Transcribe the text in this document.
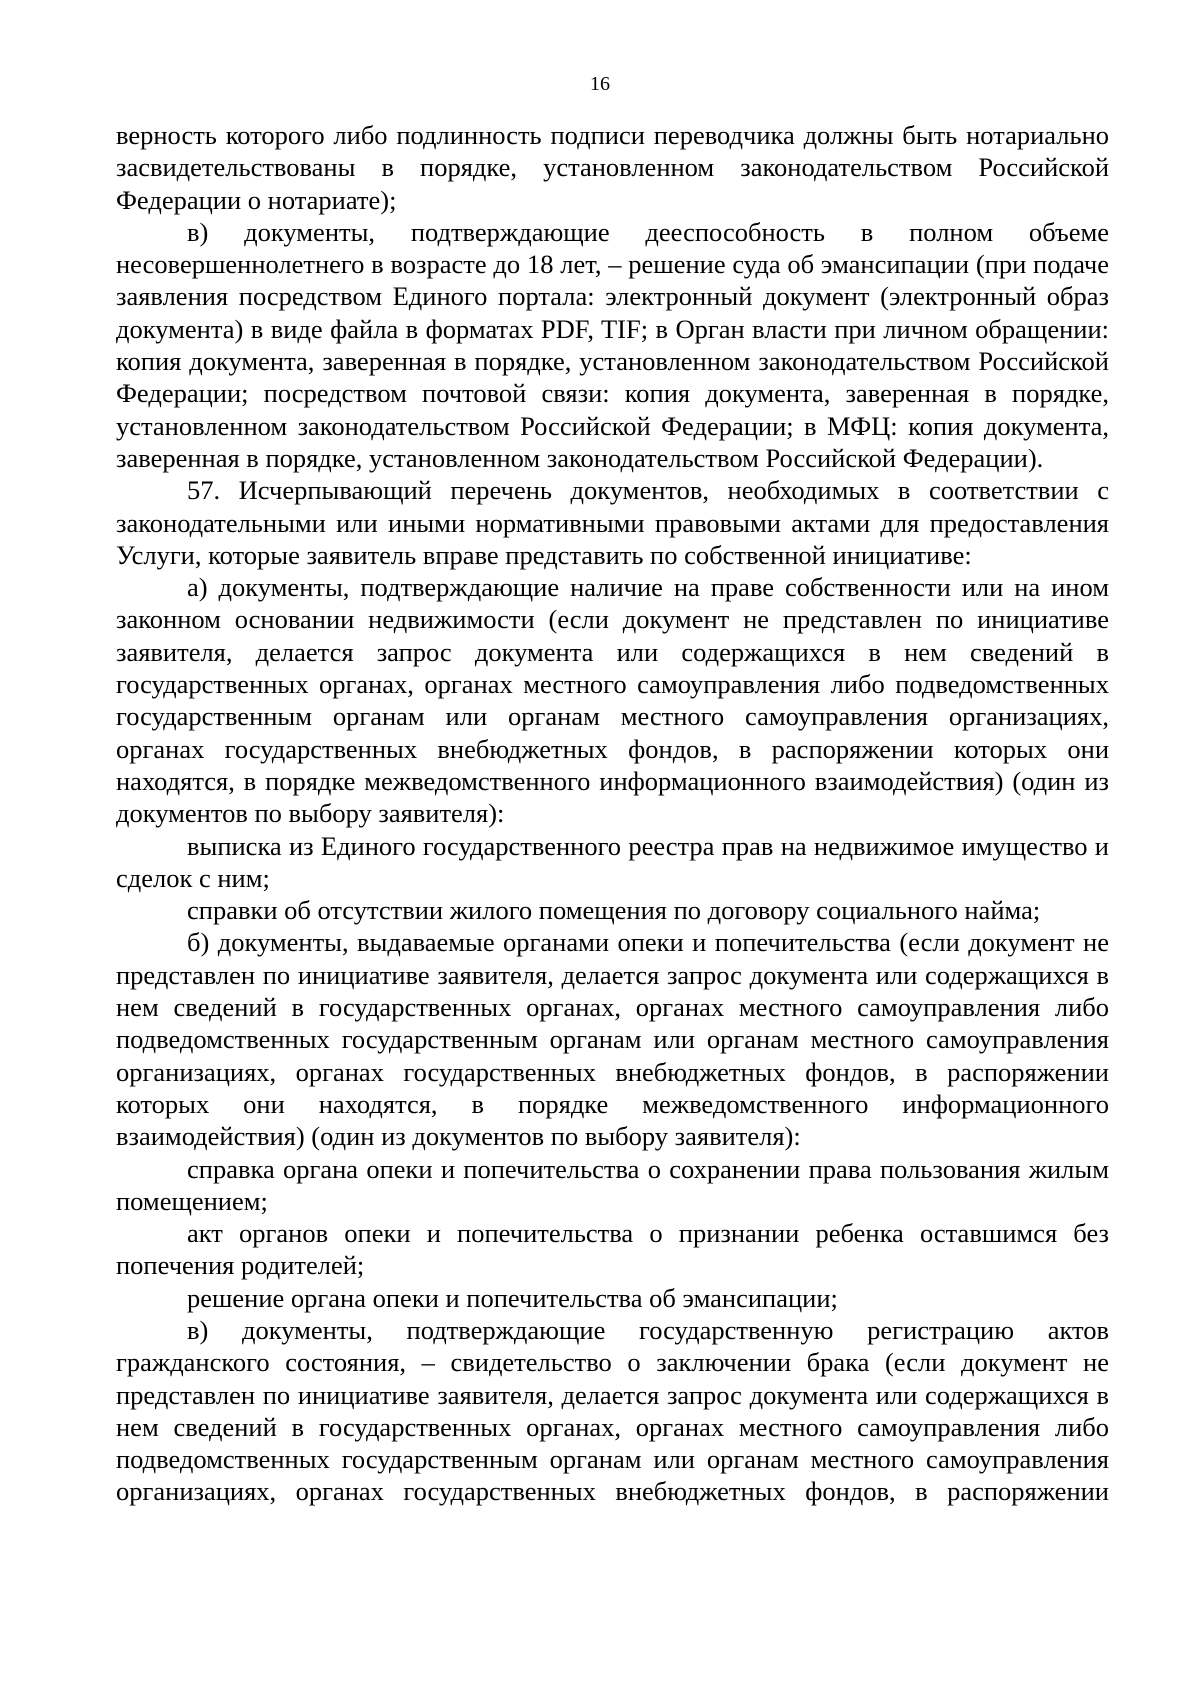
16

верность которого либо подлинность подписи переводчика должны быть нотариально засвидетельствованы в порядке, установленном законодательством Российской Федерации о нотариате);

в) документы, подтверждающие дееспособность в полном объеме несовершеннолетнего в возрасте до 18 лет, – решение суда об эмансипации (при подаче заявления посредством Единого портала: электронный документ (электронный образ документа) в виде файла в форматах PDF, TIF; в Орган власти при личном обращении: копия документа, заверенная в порядке, установленном законодательством Российской Федерации; посредством почтовой связи: копия документа, заверенная в порядке, установленном законодательством Российской Федерации; в МФЦ: копия документа, заверенная в порядке, установленном законодательством Российской Федерации).

57. Исчерпывающий перечень документов, необходимых в соответствии с законодательными или иными нормативными правовыми актами для предоставления Услуги, которые заявитель вправе представить по собственной инициативе:

а) документы, подтверждающие наличие на праве собственности или на ином законном основании недвижимости (если документ не представлен по инициативе заявителя, делается запрос документа или содержащихся в нем сведений в государственных органах, органах местного самоуправления либо подведомственных государственным органам или органам местного самоуправления организациях, органах государственных внебюджетных фондов, в распоряжении которых они находятся, в порядке межведомственного информационного взаимодействия) (один из документов по выбору заявителя):

выписка из Единого государственного реестра прав на недвижимое имущество и сделок с ним;

справки об отсутствии жилого помещения по договору социального найма;

б) документы, выдаваемые органами опеки и попечительства (если документ не представлен по инициативе заявителя, делается запрос документа или содержащихся в нем сведений в государственных органах, органах местного самоуправления либо подведомственных государственным органам или органам местного самоуправления организациях, органах государственных внебюджетных фондов, в распоряжении которых они находятся, в порядке межведомственного информационного взаимодействия) (один из документов по выбору заявителя):

справка органа опеки и попечительства о сохранении права пользования жилым помещением;

акт органов опеки и попечительства о признании ребенка оставшимся без попечения родителей;

решение органа опеки и попечительства об эмансипации;

в) документы, подтверждающие государственную регистрацию актов гражданского состояния, – свидетельство о заключении брака (если документ не представлен по инициативе заявителя, делается запрос документа или содержащихся в нем сведений в государственных органах, органах местного самоуправления либо подведомственных государственным органам или органам местного самоуправления организациях, органах государственных внебюджетных фондов, в распоряжении
